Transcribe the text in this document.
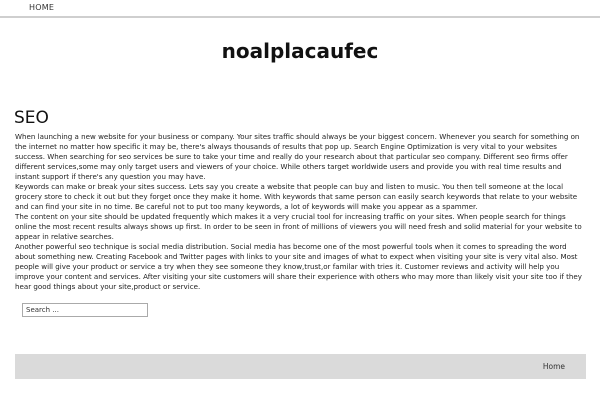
HOME
noalplacaufec
SEO

When launching a new website for your business or company. Your sites traffic should always be your biggest concern. Whenever you search for something on the internet no matter how specific it may be, there's always thousands of results that pop up. Search Engine Optimization is very vital to your websites success. When searching for seo services be sure to take your time and really do your research about that particular seo company. Different seo firms offer different services,some may only target users and viewers of your choice. While others target worldwide users and provide you with real time results and instant support if there's any question you may have.

Keywords can make or break your sites success. Lets say you create a website that people can buy and listen to music. You then tell someone at the local grocery store to check it out but they forget once they make it home. With keywords that same person can easily search keywords that relate to your website and can find your site in no time. Be careful not to put too many keywords, a lot of keywords will make you appear as a spammer.

The content on your site should be updated frequently which makes it a very crucial tool for increasing traffic on your sites. When people search for things online the most recent results always shows up first. In order to be seen in front of millions of viewers you will need fresh and solid material for your website to appear in relative searches.

Another powerful seo technique is social media distribution. Social media has become one of the most powerful tools when it comes to spreading the word about something new. Creating Facebook and Twitter pages with links to your site and images of what to expect when visiting your site is very vital also. Most people will give your product or service a try when they see someone they know,trust,or familar with tries it. Customer reviews and activity will help you improve your content and services. After visiting your site customers will share their experience with others who may more than likely visit your site too if they hear good things about your site,product or service.

Search ...
Home
